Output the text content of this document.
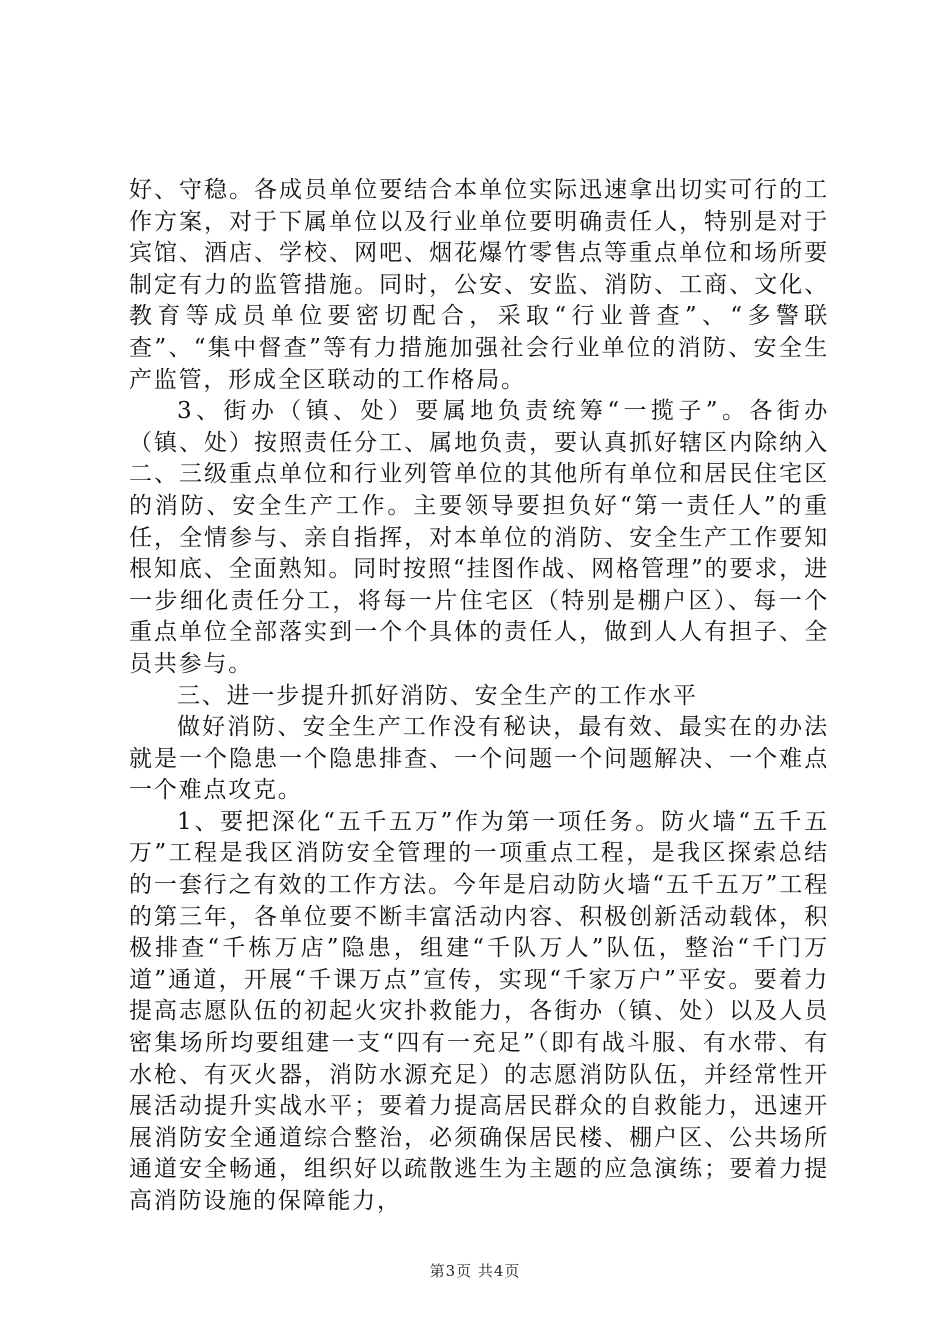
好、守稳。各成员单位要结合本单位实际迅速拿出切实可行的工作方案，对于下属单位以及行业单位要明确责任人，特别是对于宾馆、酒店、学校、网吧、烟花爆竹零售点等重点单位和场所要制定有力的监管措施。同时，公安、安监、消防、工商、文化、教育等成员单位要密切配合，采取“行业普查”、“多警联查”、“集中督查”等有力措施加强社会行业单位的消防、安全生产监管，形成全区联动的工作格局。

3、街办（镇、处）要属地负责统筹“一揽子”。各街办（镇、处）按照责任分工、属地负责，要认真抓好辖区内除纳入二、三级重点单位和行业列管单位的其他所有单位和居民住宅区的消防、安全生产工作。主要领导要担负好“第一责任人”的重任，全情参与、亲自指挥，对本单位的消防、安全生产工作要知根知底、全面熟知。同时按照“挂图作战、网格管理”的要求，进一步细化责任分工，将每一片住宅区（特别是棚户区）、每一个重点单位全部落实到一个个具体的责任人，做到人人有担子、全员共参与。

三、进一步提升抓好消防、安全生产的工作水平

做好消防、安全生产工作没有秘诀，最有效、最实在的办法就是一个隐患一个隐患排查、一个问题一个问题解决、一个难点一个难点攻克。

1、要把深化“五千五万”作为第一项任务。防火墙“五千五万”工程是我区消防安全管理的一项重点工程，是我区探索总结的一套行之有效的工作方法。今年是启动防火墙“五千五万”工程的第三年，各单位要不断丰富活动内容、积极创新活动载体，积极排查“千栋万店”隐患，组建“千队万人”队伍，整治“千门万道”通道，开展“千课万点”宣传，实现“千家万户”平安。要着力提高志愿队伍的初起火灾扑救能力，各街办（镇、处）以及人员密集场所均要组建一支“四有一充足”（即有战斗服、有水带、有水枪、有灭火器，消防水源充足）的志愿消防队伍，并经常性开展活动提升实战水平；要着力提高居民群众的自救能力，迅速开展消防安全通道综合整治，必须确保居民楼、棚户区、公共场所通道安全畅通，组织好以疏散逃生为主题的应急演练；要着力提高消防设施的保障能力，

第3页 共4页
